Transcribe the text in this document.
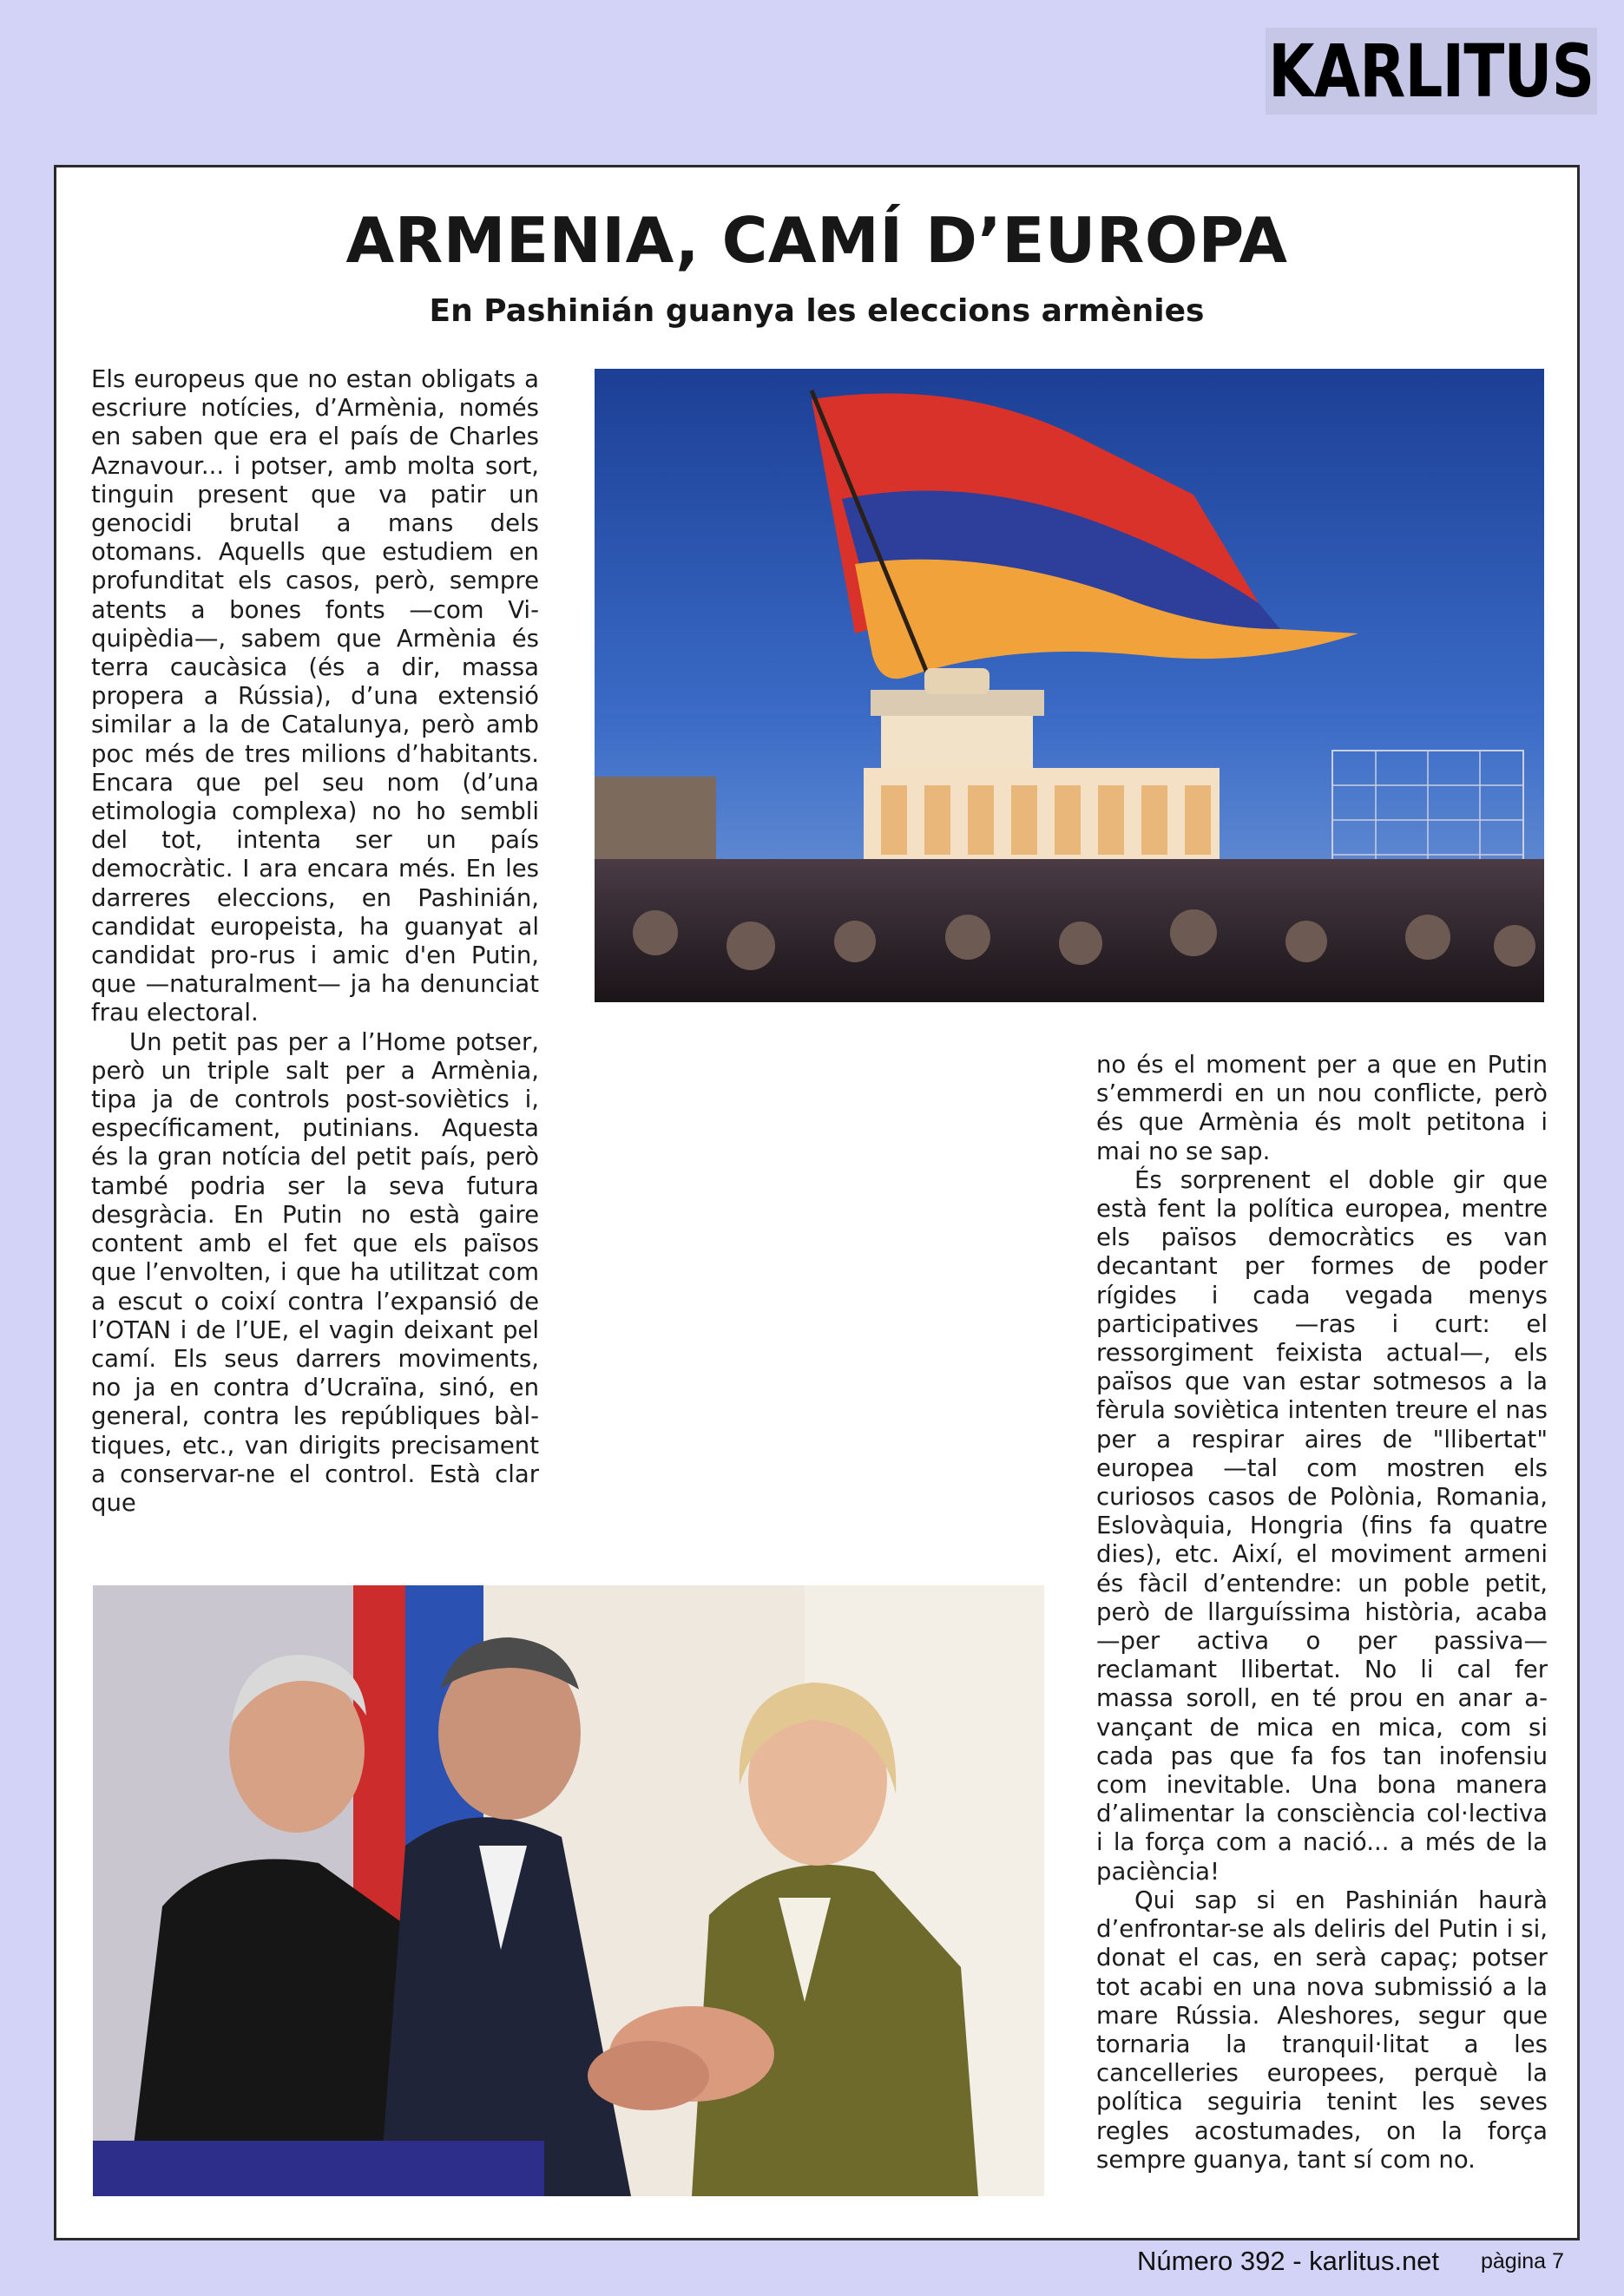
KARLITUS
ARMENIA, CAMÍ D’EUROPA
En Pashinián guanya les eleccions armènies

Els europeus que no estan obligats a escriure notícies, d’Armènia, només en saben que era el país de Charles Aznavour... i potser, amb molta sort, tinguin present que va patir un genocidi brutal a mans dels otomans. Aquells que estudiem en profunditat els casos, però, sempre atents a bones fonts —com Viquipèdia—, sabem que Armènia és terra caucàsica (és a dir, massa propera a Rússia), d’una extensió similar a la de Catalunya, però amb poc més de tres milions d’habitants. Encara que pel seu nom (d’una etimologia complexa) no ho sembli del tot, intenta ser un país democràtic. I ara encara més. En les darreres eleccions, en Pashinián, candidat europeista, ha guanyat al candidat pro-rus i amic d'en Putin, que —naturalment— ja ha denunciat frau electoral.

Un petit pas per a l’Home potser, però un triple salt per a Armènia, tipa ja de controls post-soviètics i, específicament, putinians. Aquesta és la gran notícia del petit país, però també podria ser la seva futura desgràcia. En Putin no està gaire content amb el fet que els països que l’envolten, i que ha utilitzat com a escut o coixí contra l’expansió de l’OTAN i de l’UE, el vagin deixant pel camí. Els seus darrers moviments, no ja en contra d’Ucraïna, sinó, en general, contra les repúbliques bàltiques, etc., van dirigits precisament a conservar-ne el control. Està clar que

no és el moment per a que en Putin s’emmerdi en un nou conflicte, però és que Armènia és molt petitona i mai no se sap.

És sorprenent el doble gir que està fent la política europea, mentre els països democràtics es van decantant per formes de poder rígides i cada vegada menys participatives —ras i curt: el ressorgiment feixista actual—, els països que van estar sotmesos a la fèrula soviètica intenten treure el nas per a respirar aires de "llibertat" europea —tal com mostren els curiosos casos de Polònia, Romania, Eslovàquia, Hongria (fins fa quatre dies), etc. Així, el moviment armeni és fàcil d’entendre: un poble petit, però de llarguíssima història, acaba —per activa o per passiva— reclamant llibertat. No li cal fer massa soroll, en té prou en anar avançant de mica en mica, com si cada pas que fa fos tan inofensiu com inevitable. Una bona manera d’alimentar la consciència col·lectiva i la força com a nació... a més de la paciència!

Qui sap si en Pashinián haurà d’enfrontar-se als deliris del Putin i si, donat el cas, en serà capaç; potser tot acabi en una nova submissió a la mare Rússia. Aleshores, segur que tornaria la tranquil·litat a les cancelleries europees, perquè la política seguiria tenint les seves regles acostumades, on la força sempre guanya, tant sí com no.

Número 392 - karlitus.net pàgina 7
